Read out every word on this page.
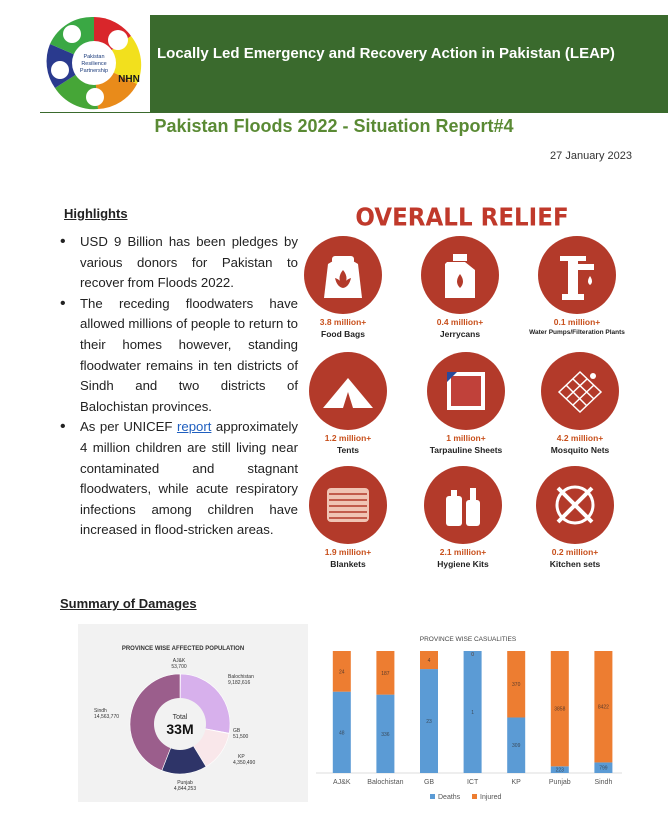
Pakistan
Resilience
Partnership
NHN
Locally Led Emergency and Recovery Action in Pakistan (LEAP)
Pakistan Floods 2022 - Situation Report#4
27 January 2023
Highlights
• USD 9 Billion has been pledges by various donors for Pakistan to recover from Floods 2022.
• The receding floodwaters have allowed millions of people to return to their homes however, standing floodwater remains in ten districts of Sindh and two districts of Balochistan provinces.
• As per UNICEF report approximately 4 million children are still living near contaminated and stagnant floodwaters, while acute respiratory infections among children have increased in flood-stricken areas.
OVERALL RELIEF
3.8 million+
Food Bags
0.4 million+
Jerrycans
0.1 million+
Water Pumps/Filteration Plants
1.2 million+
Tents
1 million+
Tarpauline Sheets
4.2 million+
Mosquito Nets
1.9 million+
Blankets
2.1 million+
Hygiene Kits
0.2 million+
Kitchen sets
Summary of Damages
PROVINCE WISE AFFECTED POPULATION
Total
33M
AJ&K
53,700
Balochistan
9,182,616
GB
51,500
KP
4,350,490
Punjab
4,844,253
Sindh
14,563,770
PROVINCE WISE CASUALITIES
48
24
336
187
23
4
1
0
309
370
223
3858
799
8422
AJ&K Balochistan	GB	ICT	KP	Punjab	Sindh
Deaths	Injured
